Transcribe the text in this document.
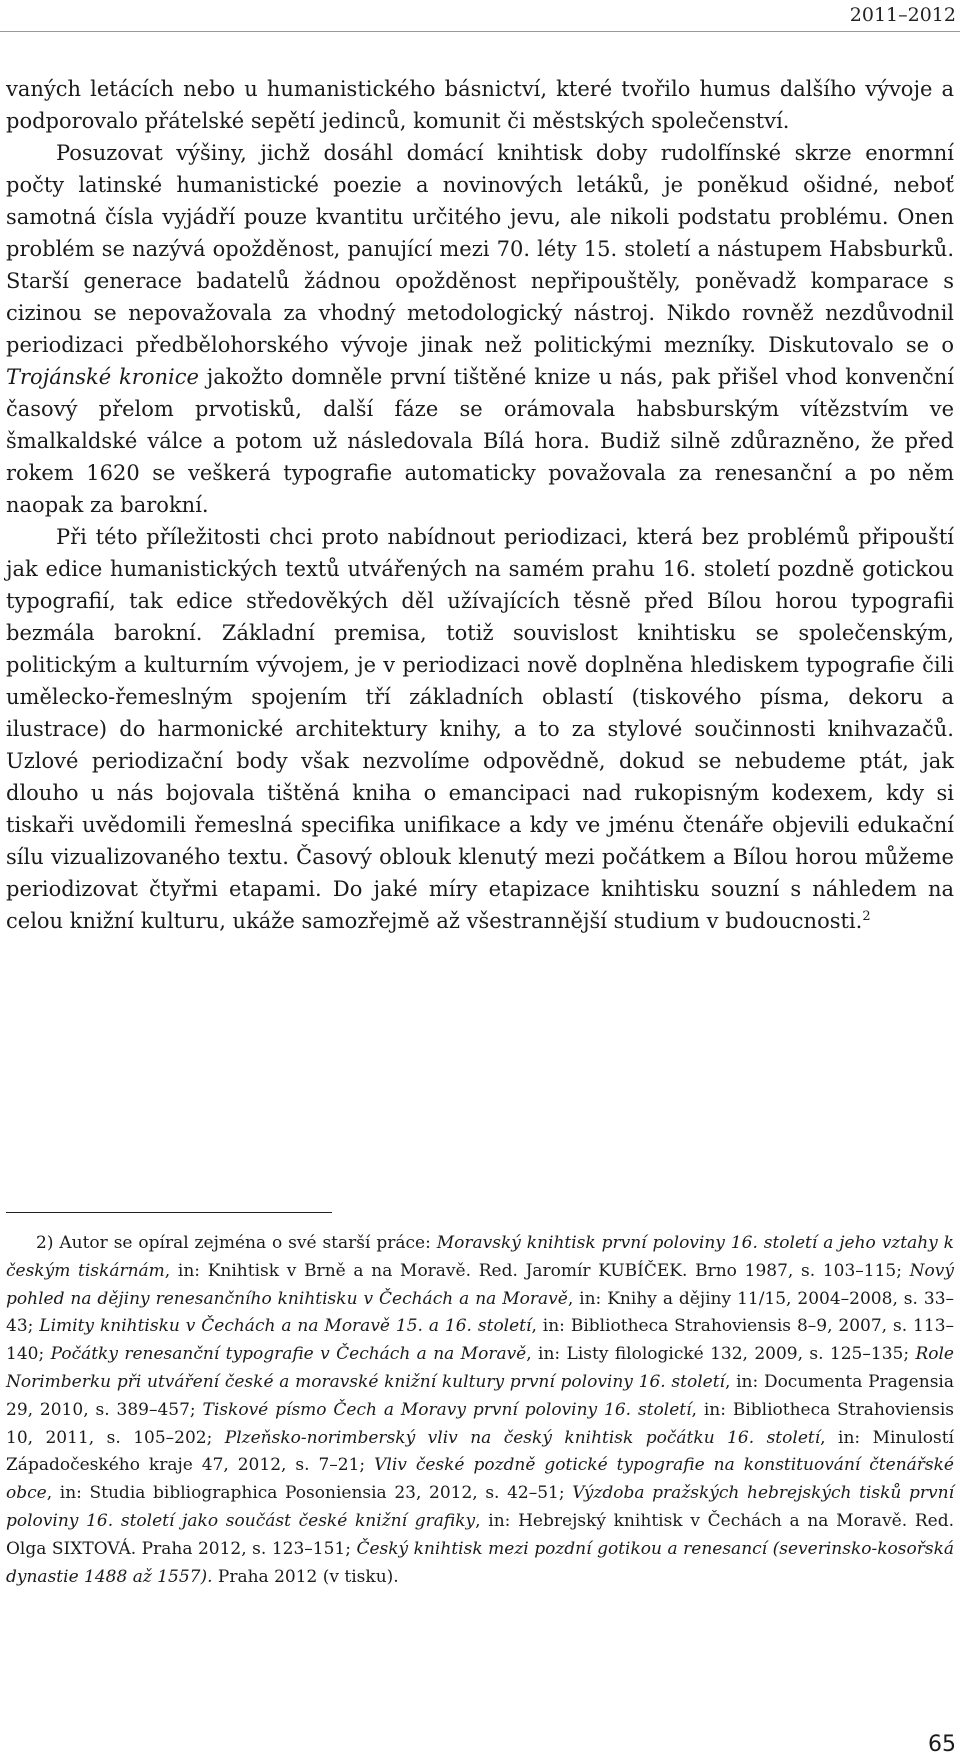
2011–2012

vaných letácích nebo u humanistického básnictví, které tvořilo humus dalšího vývoje a podporovalo přátelské sepětí jedinců, komunit či městských společenství.

Posuzovat výšiny, jichž dosáhl domácí knihtisk doby rudolfínské skrze enormní počty latinské humanistické poezie a novinových letáků, je poněkud ošidné, neboť samotná čísla vyjádří pouze kvantitu určitého jevu, ale nikoli podstatu problému. Onen problém se nazývá opožděnost, panující mezi 70. léty 15. století a nástupem Habsburků. Starší generace badatelů žádnou opožděnost nepřipouštěly, poněvadž komparace s cizinou se nepovažovala za vhodný metodologický nástroj. Nikdo rovněž nezdůvodnil periodizaci předbělohorského vývoje jinak než politickými mezníky. Diskutovalo se o Trojánské kronice jakožto domněle první tištěné knize u nás, pak přišel vhod konvenční časový přelom prvotisků, další fáze se orámovala habsburským vítězstvím ve šmalkaldské válce a potom už následovala Bílá hora. Budiž silně zdůrazněno, že před rokem 1620 se veškerá typografie automaticky považovala za renesanční a po něm naopak za barokní.

Při této příležitosti chci proto nabídnout periodizaci, která bez problémů připouští jak edice humanistických textů utvářených na samém prahu 16. století pozdně gotickou typografií, tak edice středověkých děl užívajících těsně před Bílou horou typografii bezmála barokní. Základní premisa, totiž souvislost knihtisku se společenským, politickým a kulturním vývojem, je v periodizaci nově doplněna hlediskem typografie čili umělecko-řemeslným spojením tří základních oblastí (tiskového písma, dekoru a ilustrace) do harmonické architektury knihy, a to za stylové součinnosti knihvazačů. Uzlové periodizační body však nezvolíme odpovědně, dokud se nebudeme ptát, jak dlouho u nás bojovala tištěná kniha o emancipaci nad rukopisným kodexem, kdy si tiskaři uvědomili řemeslná specifika unifikace a kdy ve jménu čtenáře objevili edukační sílu vizualizovaného textu. Časový oblouk klenutý mezi počátkem a Bílou horou můžeme periodizovat čtyřmi etapami. Do jaké míry etapizace knihtisku souzní s náhledem na celou knižní kulturu, ukáže samozřejmě až všestrannější studium v budoucnosti.$^2$

2) Autor se opíral zejména o své starší práce: Moravský knihtisk první poloviny 16. století a jeho vztahy k českým tiskárnám, in: Knihtisk v Brně a na Moravě. Red. Jaromír KUBÍČEK. Brno 1987, s. 103–115; Nový pohled na dějiny renesančního knihtisku v Čechách a na Moravě, in: Knihy a dějiny 11/15, 2004–2008, s. 33–43; Limity knihtisku v Čechách a na Moravě 15. a 16. století, in: Bibliotheca Strahoviensis 8–9, 2007, s. 113–140; Počátky renesanční typografie v Čechách a na Moravě, in: Listy filologické 132, 2009, s. 125–135; Role Norimberku při utváření české a moravské knižní kultury první poloviny 16. století, in: Documenta Pragensia 29, 2010, s. 389–457; Tiskové písmo Čech a Moravy první poloviny 16. století, in: Bibliotheca Strahoviensis 10, 2011, s. 105–202; Plzeňsko-norimberský vliv na český knihtisk počátku 16. století, in: Minulostí Západočeského kraje 47, 2012, s. 7–21; Vliv české pozdně gotické typografie na konstituování čtenářské obce, in: Studia bibliographica Posoniensia 23, 2012, s. 42–51; Výzdoba pražských hebrejských tisků první poloviny 16. století jako součást české knižní grafiky, in: Hebrejský knihtisk v Čechách a na Moravě. Red. Olga SIXTOVÁ. Praha 2012, s. 123–151; Český knihtisk mezi pozdní gotikou a renesancí (severinsko-kosořská dynastie 1488 až 1557). Praha 2012 (v tisku).

65
